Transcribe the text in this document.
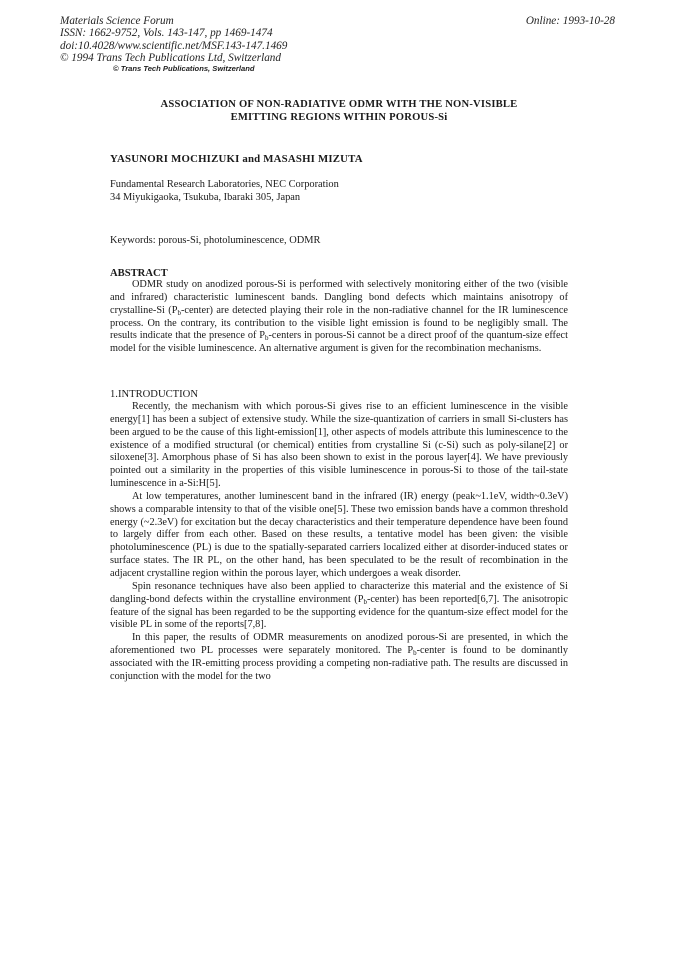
Materials Science Forum
ISSN: 1662-9752, Vols. 143-147, pp 1469-1474
doi:10.4028/www.scientific.net/MSF.143-147.1469
© 1994 Trans Tech Publications Ltd, Switzerland
Online: 1993-10-28
© Trans Tech Publications, Switzerland
ASSOCIATION OF NON-RADIATIVE ODMR WITH THE NON-VISIBLE
EMITTING REGIONS WITHIN POROUS-Si
YASUNORI MOCHIZUKI and MASASHI MIZUTA
Fundamental Research Laboratories, NEC Corporation
34 Miyukigaoka, Tsukuba, Ibaraki 305, Japan
Keywords: porous-Si, photoluminescence, ODMR
ABSTRACT

ODMR study on anodized porous-Si is performed with selectively monitoring either of the two (visible and infrared) characteristic luminescent bands. Dangling bond defects which maintains anisotropy of crystalline-Si $(P_b-center)$ are detected playing their role in the non-radiative channel for the IR luminescence process. On the contrary, its contribution to the visible light emission is found to be negligibly small. The results indicate that the presence of $P_b$-centers in porous-Si cannot be a direct proof of the quantum-size effect model for the visible luminescence. An alternative argument is given for the recombination mechanisms.

1.INTRODUCTION

Recently, the mechanism with which porous-Si gives rise to an efficient luminescence in the visible energy[1] has been a subject of extensive study. While the size-quantization of carriers in small Si-clusters has been argued to be the cause of this light-emission[1], other aspects of models attribute this luminescence to the existence of a modified structural (or chemical) entities from crystalline Si (c-Si) such as poly-silane[2] or siloxene[3]. Amorphous phase of Si has also been shown to exist in the porous layer[4]. We have previously pointed out a similarity in the properties of this visible luminescence in porous-Si to those of the tail-state luminescence in a-Si:H[5].

At low temperatures, another luminescent band in the infrared (IR) energy (peak~1.1eV, width~0.3eV) shows a comparable intensity to that of the visible one[5]. These two emission bands have a common threshold energy (~2.3eV) for excitation but the decay characteristics and their temperature dependence have been found to largely differ from each other. Based on these results, a tentative model has been given: the visible photoluminescence (PL) is due to the spatially-separated carriers localized either at disorder-induced states or surface states. The IR PL, on the other hand, has been speculated to be the result of recombination in the adjacent crystalline region within the porous layer, which undergoes a weak disorder.

Spin resonance techniques have also been applied to characterize this material and the existence of Si dangling-bond defects within the crystalline environment $(P_b-center)$ has been reported[6,7]. The anisotropic feature of the signal has been regarded to be the supporting evidence for the quantum-size effect model for the visible PL in some of the reports[7,8].

In this paper, the results of ODMR measurements on anodized porous-Si are presented, in which the aforementioned two PL processes were separately monitored. The $P_b$-center is found to be dominantly associated with the IR-emitting process providing a competing non-radiative path. The results are discussed in conjunction with the model for the two
